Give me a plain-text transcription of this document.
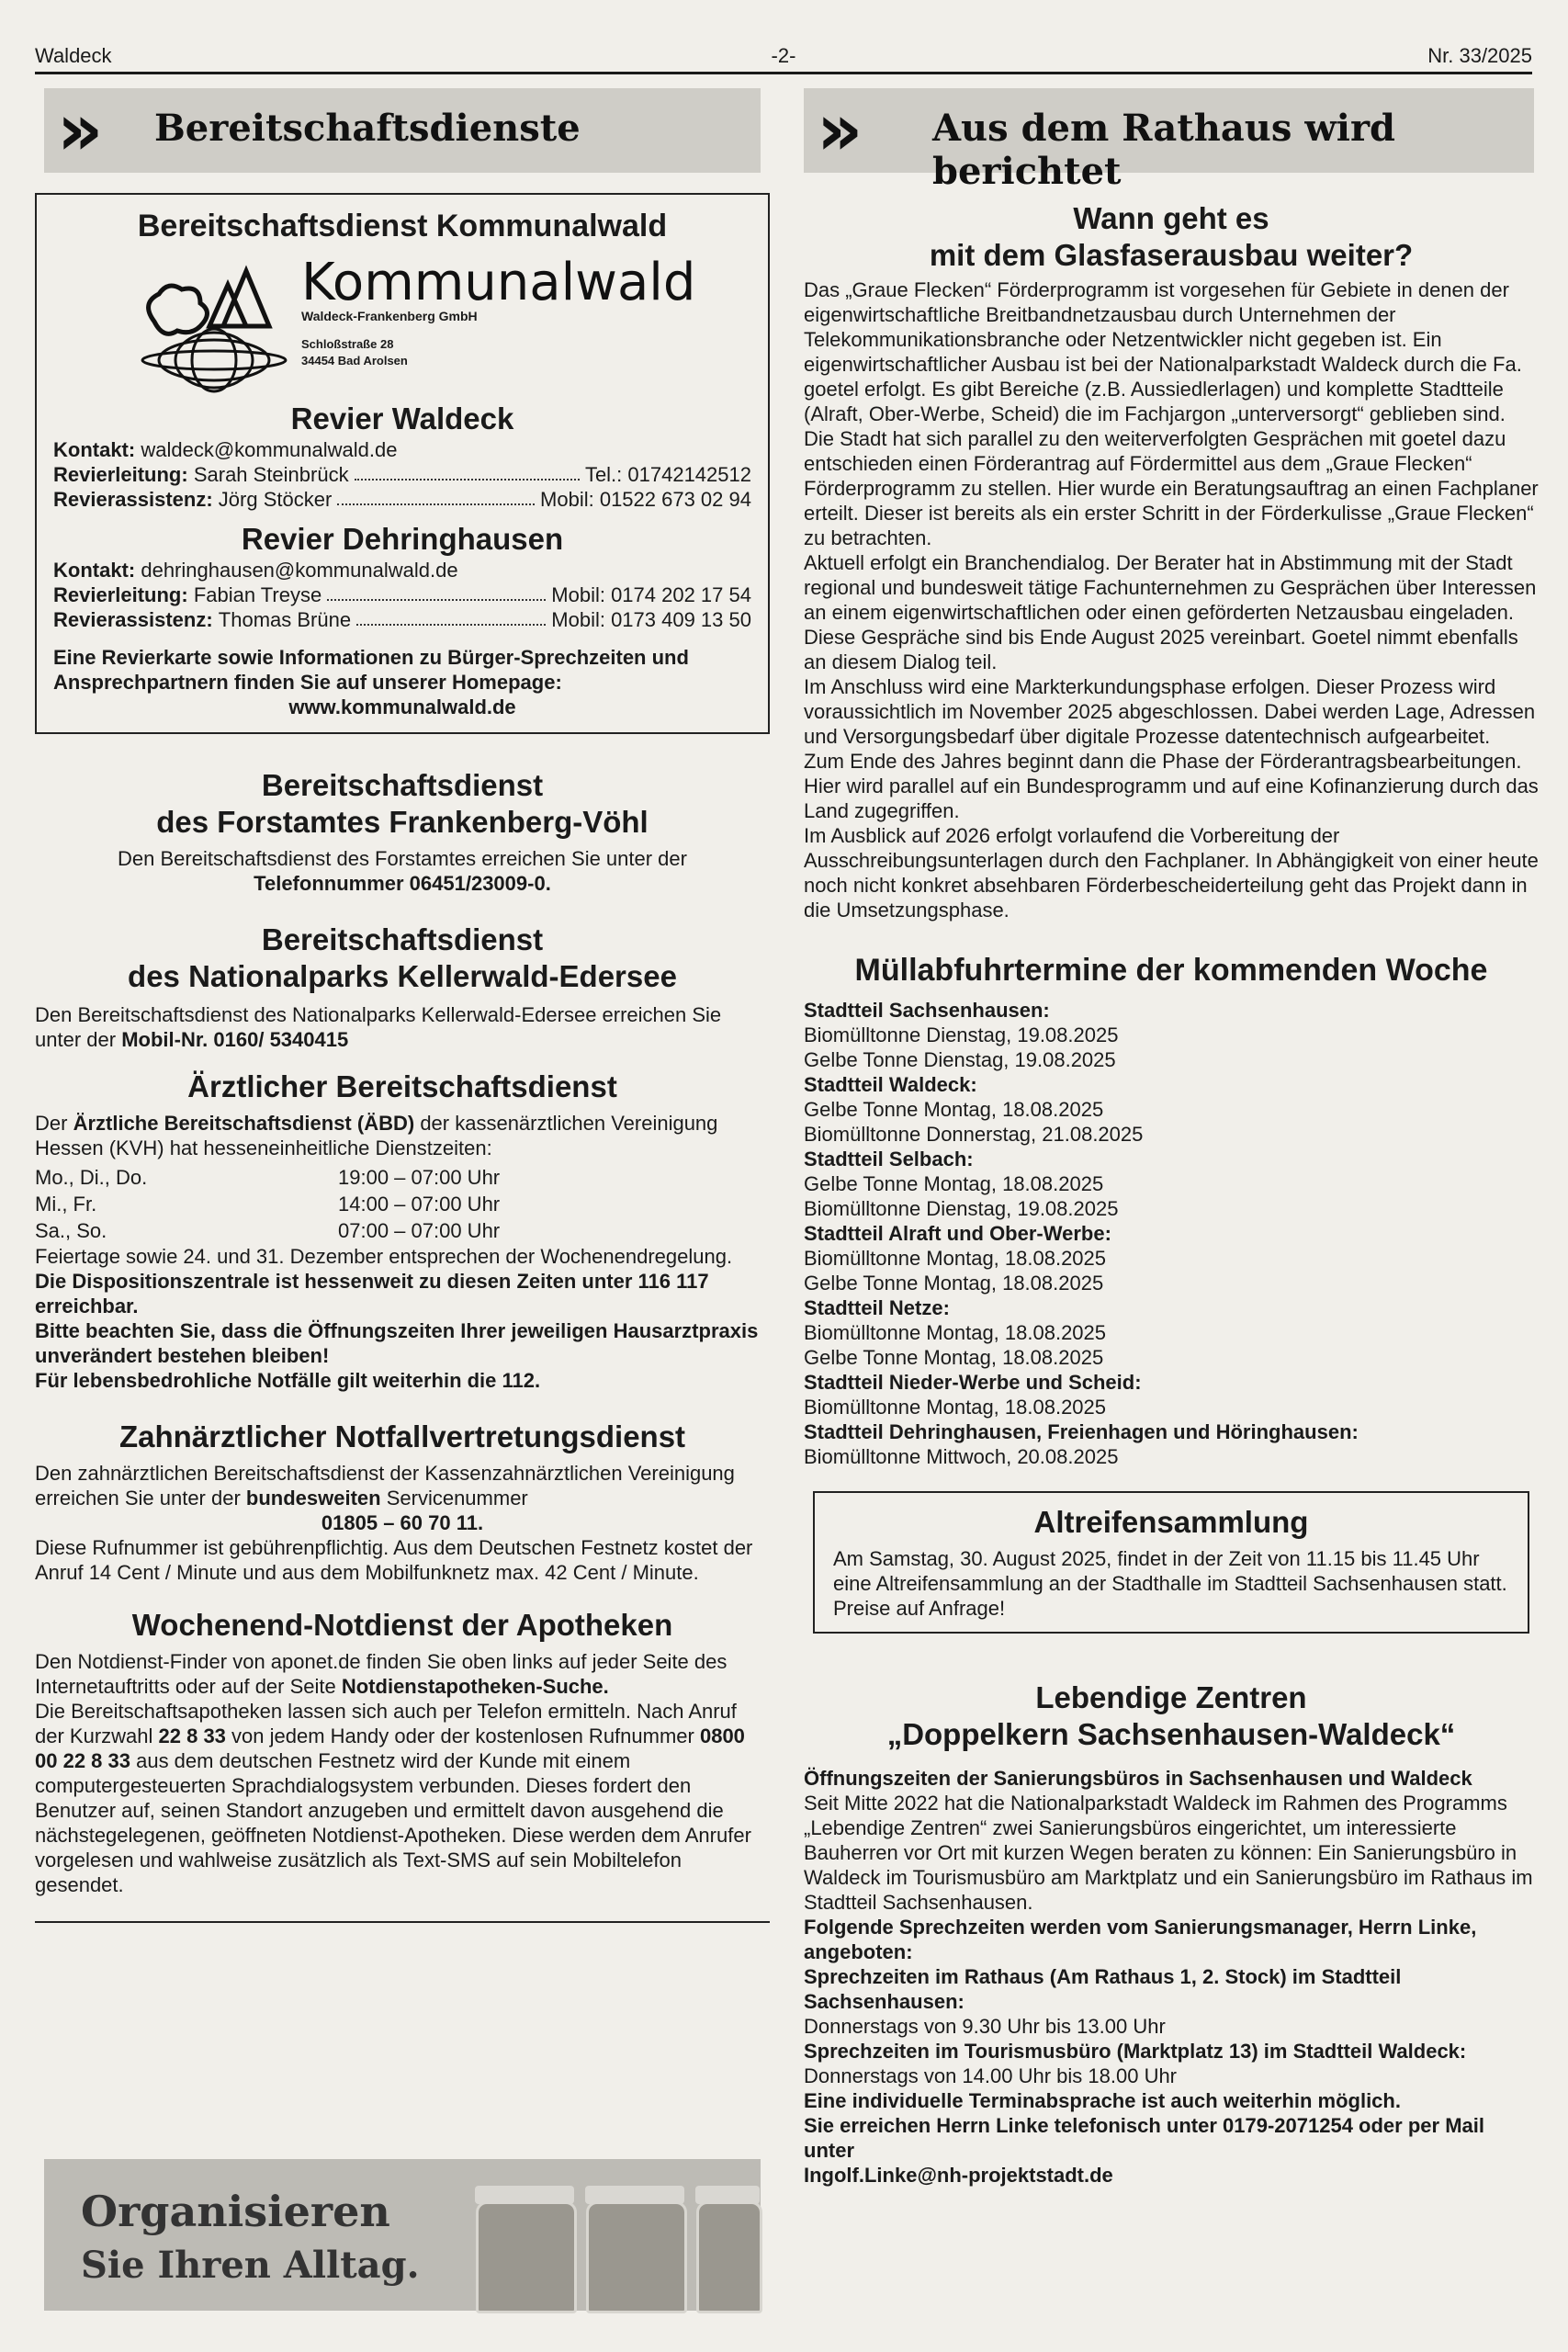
Waldeck	-2-	Nr. 33/2025
» Bereitschaftsdienste	» Aus dem Rathaus wird berichtet

Bereitschaftsdienst Kommunalwald

Kommunalwald
Waldeck-Frankenberg GmbH
Schloßstraße 28
34454 Bad Arolsen

Revier Waldeck

Kontakt: waldeck@kommunalwald.de

Revierleitung:
Sarah Steinbrück	Tel.: 01742142512
Revierassistenz:
Jörg Stöcker	Mobil: 01522 673 02 94

Revier Dehringhausen

Kontakt: dehringhausen@kommunalwald.de

Revierleitung:
Fabian Treyse	Mobil: 0174 202 17 54
Revierassistenz:
Thomas Brüne	Mobil: 0173 409 13 50

Eine Revierkarte sowie Informationen zu Bürger-Sprechzeiten und Ansprechpartnern finden Sie auf unserer Homepage:

www.kommunalwald.de

Bereitschaftsdienst

des Forstamtes Frankenberg-Vöhl

Den Bereitschaftsdienst des Forstamtes erreichen Sie unter der

Telefonnummer 06451/23009-0.

Bereitschaftsdienst

des Nationalparks Kellerwald-Edersee

Den Bereitschaftsdienst des Nationalparks Kellerwald-Edersee erreichen Sie unter der Mobil-Nr. 0160/ 5340415

Ärztlicher Bereitschaftsdienst

Der Ärztliche Bereitschaftsdienst (ÄBD) der kassenärztlichen Vereinigung Hessen (KVH) hat hesseneinheitliche Dienstzeiten:

Mo., Di., Do.	19:00 – 07:00 Uhr
Mi., Fr.	14:00 – 07:00 Uhr
Sa., So.	07:00 – 07:00 Uhr

Feiertage sowie 24. und 31. Dezember entsprechen der Wochenendregelung.

Die Dispositionszentrale ist hessenweit zu diesen Zeiten unter 116 117 erreichbar.

Bitte beachten Sie, dass die Öffnungszeiten Ihrer jeweiligen Hausarztpraxis unverändert bestehen bleiben!

Für lebensbedrohliche Notfälle gilt weiterhin die 112.

Zahnärztlicher Notfallvertretungsdienst

Den zahnärztlichen Bereitschaftsdienst der Kassenzahnärztlichen Vereinigung erreichen Sie unter der bundesweiten Servicenummer

01805 – 60 70 11.

Diese Rufnummer ist gebührenpflichtig. Aus dem Deutschen Festnetz kostet der Anruf 14 Cent / Minute und aus dem Mobilfunknetz max. 42 Cent / Minute.

Wochenend-Notdienst der Apotheken

Den Notdienst-Finder von aponet.de finden Sie oben links auf jeder Seite des Internetauftritts oder auf der Seite Notdienstapotheken-Suche.

Die Bereitschaftsapotheken lassen sich auch per Telefon ermitteln. Nach Anruf der Kurzwahl 22 8 33 von jedem Handy oder der kostenlosen Rufnummer 0800 00 22 8 33 aus dem deutschen Festnetz wird der Kunde mit einem computergesteuerten Sprachdialogsystem verbunden. Dieses fordert den Benutzer auf, seinen Standort anzugeben und ermittelt davon ausgehend die nächstegelegenen, geöffneten Notdienst-Apotheken. Diese werden dem Anrufer vorgelesen und wahlweise zusätzlich als Text-SMS auf sein Mobiltelefon gesendet.

Organisieren
Sie Ihren Alltag.

Wann geht es

mit dem Glasfaserausbau weiter?

Das „Graue Flecken“ Förderprogramm ist vorgesehen für Gebiete in denen der eigenwirtschaftliche Breitbandnetzausbau durch Unternehmen der Telekommunikationsbranche oder Netzentwickler nicht gegeben ist. Ein eigenwirtschaftlicher Ausbau ist bei der Nationalparkstadt Waldeck durch die Fa. goetel erfolgt. Es gibt Bereiche (z.B. Aussiedlerlagen) und komplette Stadtteile (Alraft, Ober-Werbe, Scheid) die im Fachjargon „unterversorgt“ geblieben sind.

Die Stadt hat sich parallel zu den weiterverfolgten Gesprächen mit goetel dazu entschieden einen Förderantrag auf Fördermittel aus dem „Graue Flecken“ Förderprogramm zu stellen. Hier wurde ein Beratungsauftrag an einen Fachplaner erteilt. Dieser ist bereits als ein erster Schritt in der Förderkulisse „Graue Flecken“ zu betrachten.

Aktuell erfolgt ein Branchendialog. Der Berater hat in Abstimmung mit der Stadt regional und bundesweit tätige Fachunternehmen zu Gesprächen über Interessen an einem eigenwirtschaftlichen oder einen geförderten Netzausbau eingeladen. Diese Gespräche sind bis Ende August 2025 vereinbart. Goetel nimmt ebenfalls an diesem Dialog teil.

Im Anschluss wird eine Markterkundungsphase erfolgen. Dieser Prozess wird voraussichtlich im November 2025 abgeschlossen. Dabei werden Lage, Adressen und Versorgungsbedarf über digitale Prozesse datentechnisch aufgearbeitet.

Zum Ende des Jahres beginnt dann die Phase der Förderantragsbearbeitungen. Hier wird parallel auf ein Bundesprogramm und auf eine Kofinanzierung durch das Land zugegriffen.

Im Ausblick auf 2026 erfolgt vorlaufend die Vorbereitung der Ausschreibungsunterlagen durch den Fachplaner. In Abhängigkeit von einer heute noch nicht konkret absehbaren Förderbescheiderteilung geht das Projekt dann in die Umsetzungsphase.

Müllabfuhrtermine der kommenden Woche

Stadtteil Sachsenhausen:

Biomülltonne Dienstag, 19.08.2025

Gelbe Tonne Dienstag, 19.08.2025

Stadtteil Waldeck:

Gelbe Tonne Montag, 18.08.2025

Biomülltonne Donnerstag, 21.08.2025

Stadtteil Selbach:

Gelbe Tonne Montag, 18.08.2025

Biomülltonne Dienstag, 19.08.2025

Stadtteil Alraft und Ober-Werbe:

Biomülltonne Montag, 18.08.2025

Gelbe Tonne Montag, 18.08.2025

Stadtteil Netze:

Biomülltonne Montag, 18.08.2025

Gelbe Tonne Montag, 18.08.2025

Stadtteil Nieder-Werbe und Scheid:

Biomülltonne Montag, 18.08.2025

Stadtteil Dehringhausen, Freienhagen und Höringhausen:

Biomülltonne Mittwoch, 20.08.2025

Altreifensammlung

Am Samstag, 30. August 2025, findet in der Zeit von 11.15 bis 11.45 Uhr eine Altreifensammlung an der Stadthalle im Stadtteil Sachsenhausen statt.

Preise auf Anfrage!

Lebendige Zentren

„Doppelkern Sachsenhausen-Waldeck“

Öffnungszeiten der Sanierungsbüros in Sachsenhausen und Waldeck

Seit Mitte 2022 hat die Nationalparkstadt Waldeck im Rahmen des Programms „Lebendige Zentren“ zwei Sanierungsbüros eingerichtet, um interessierte Bauherren vor Ort mit kurzen Wegen beraten zu können: Ein Sanierungsbüro in Waldeck im Tourismusbüro am Marktplatz und ein Sanierungsbüro im Rathaus im Stadtteil Sachsenhausen.

Folgende Sprechzeiten werden vom Sanierungsmanager, Herrn Linke, angeboten:

Sprechzeiten im Rathaus (Am Rathaus 1, 2. Stock) im Stadtteil Sachsenhausen:

Donnerstags von 9.30 Uhr bis 13.00 Uhr

Sprechzeiten im Tourismusbüro (Marktplatz 13) im Stadtteil Waldeck:

Donnerstags von 14.00 Uhr bis 18.00 Uhr

Eine individuelle Terminabsprache ist auch weiterhin möglich.

Sie erreichen Herrn Linke telefonisch unter 0179-2071254 oder per Mail unter

Ingolf.Linke@nh-projektstadt.de
